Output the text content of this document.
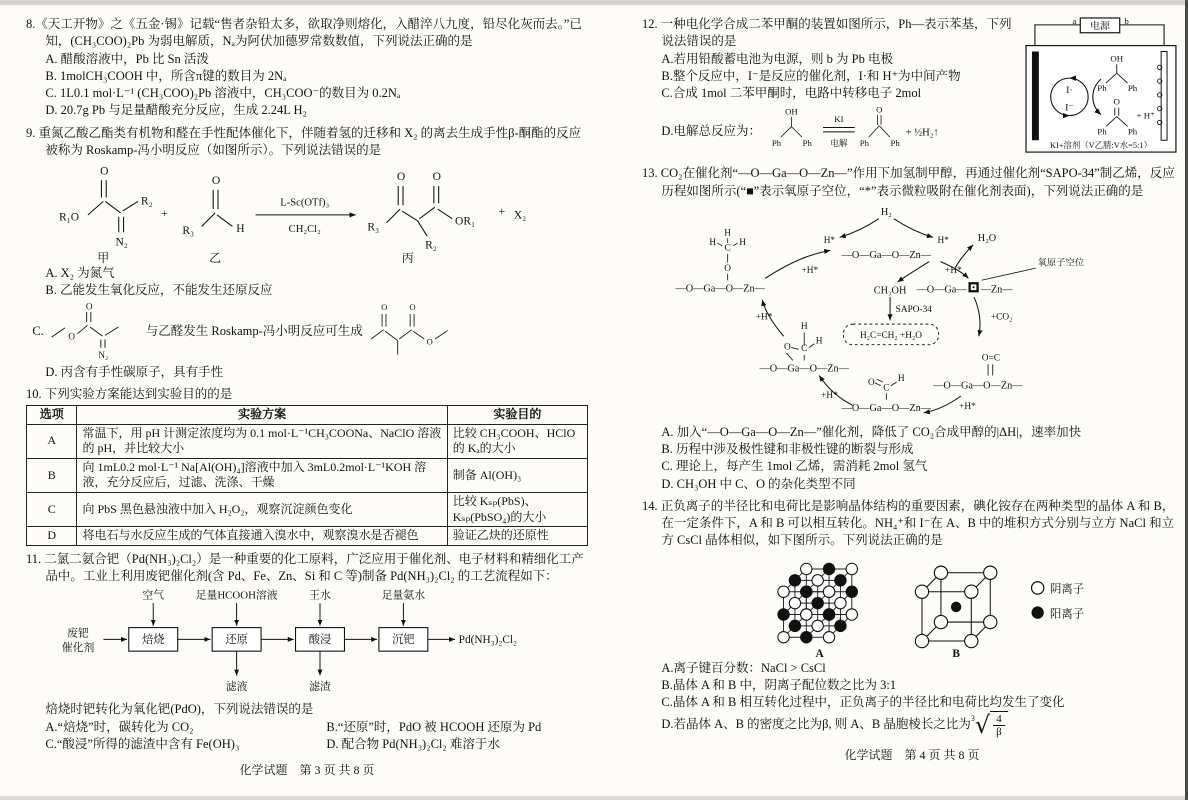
8.《天工开物》之《五金·锡》记载“售者杂铅太多，欲取净则熔化，入醋淬八九度，铅尽化灰而去。”已知，(CH₃COO)₂Pb 为弱电解质，Nₐ为阿伏加德罗常数数值，下列说法正确的是

A. 醋酸溶液中，Pb 比 Sn 活泼

B. 1molCH₃COOH 中，所含π键的数目为 2Nₐ

C. 1L0.1 mol·L⁻¹ (CH₃COO)₂Pb 溶液中，CH₃COO⁻的数目为 0.2Nₐ

D. 20.7g Pb 与足量醋酸充分反应，生成 2.24L H₂

9. 重氮乙酸乙酯类有机物和醛在手性配体催化下，伴随着氢的迁移和 X₂ 的离去生成手性β-酮酯的反应被称为 Roskamp-冯小明反应（如图所示）。下列说法错误的是

R₁O
O
R₂
N₂
甲
+
R₃
O
H
乙
L-Sc(OTf)₃
CH₂Cl₂	R₃
O
R₂
O
OR₁
丙
+ X₂

A. X₂ 为氮气

B. 乙能发生氧化反应，不能发生还原反应

C. O
O
N₂
与乙醛发生 Roskamp-冯小明反应可生成
O O
O

D. 丙含有手性碳原子，具有手性

10. 下列实验方案能达到实验目的的是

选项	实验方案	实验目的
A	常温下，用 pH 计测定浓度均为 0.1 mol·L⁻¹CH₃COONa、NaClO 溶液的 pH，并比较大小	比较 CH₃COOH、HClO 的 Kₐ的大小
B	向 1mL0.2 mol·L⁻¹ Na[Al(OH)₄]溶液中加入 3mL0.2mol·L⁻¹KOH 溶液，充分反应后，过滤、洗涤、干燥	制备 Al(OH)₃
C	向 PbS 黑色悬浊液中加入 H₂O₂，观察沉淀颜色变化	比较 Kₛₚ(PbS)、Kₛₚ(PbSO₄)的大小
D	将电石与水反应生成的气体直接通入溴水中，观察溴水是否褪色	验证乙炔的还原性

11. 二氯二氨合钯（Pd(NH₃)₂Cl₂）是一种重要的化工原料，广泛应用于催化剂、电子材料和精细化工产品中。工业上利用废钯催化剂(含 Pd、Fe、Zn、Si 和 C 等)制备 Pd(NH₃)₂Cl₂ 的工艺流程如下：

废钯
催化剂
焙烧	还原	酸浸	沉钯	Pd(NH₃)₂Cl₂
空气	足量HCOOH溶液	王水	足量氨水
滤液	滤渣

焙烧时钯转化为氧化钯(PdO)，下列说法错误的是

A.“焙烧”时，碳转化为 CO₂	B.“还原”时，PdO 被 HCOOH 还原为 Pd

C.“酸浸”所得的滤渣中含有 Fe(OH)₃	D. 配合物 Pd(NH₃)₂Cl₂ 难溶于水

化学试题　第 3 页 共 8 页
电源
a	b
I·
I⁻
OH
Ph Ph
O
Ph Ph
+ H⁺
KI+溶剂（V乙腈:V水=5:1）

12. 一种电化学合成二苯甲酮的装置如图所示，Ph—表示苯基，下列说法错误的是

A.若用铅酸蓄电池为电源，则 b 为 Pb 电极

B.整个反应中，I⁻是反应的催化剂，I·和 H⁺为中间产物

C.合成 1mol 二苯甲酮时，电路中转移电子 2mol

D.电解总反应为：
OH
Ph Ph
KI
电解
O
Ph Ph
+ ½H₂↑

13. CO₂在催化剂“—O—Ga—O—Zn—”作用下加氢制甲醇，再通过催化剂“SAPO-34”制乙烯，反应历程如图所示(“■”表示氧原子空位，“*”表示微粒吸附在催化剂表面)，下列说法正确的是

H₂
H*	H*
—O—Ga—O—Zn—
+H*
H₂O
氧原子空位
—O—Ga— —Zn—
+CO₂
O=C
—O—Ga—O—Zn—
+H*
O
C
H
—O—Ga—O—Zn—
+H*
H
O C
H
—O—Ga—O—Zn—
+H*
H
H H
C
O
—O—Ga—O—Zn—
+H*
CH₃OH
SAPO-34
H₂C=CH₂ +H₂O

A. 加入“—O—Ga—O—Zn—”催化剂，降低了 CO₂合成甲醇的|ΔH|，速率加快

B. 历程中涉及极性键和非极性键的断裂与形成

C. 理论上，每产生 1mol 乙烯，需消耗 2mol 氢气

D. CH₃OH 中 C、O 的杂化类型不同

14. 正负离子的半径比和电荷比是影响晶体结构的重要因素，碘化铵存在两种类型的晶体 A 和 B，在一定条件下，A 和 B 可以相互转化。NH₄⁺和 I⁻在 A、B 中的堆积方式分别与立方 NaCl 和立方 CsCl 晶体相似，如下图所示。下列说法正确的是

A	B
阴离子
阳离子

A.离子键百分数：NaCl > CsCl

B.晶体 A 和 B 中，阴离子配位数之比为 3:1

C.晶体 A 和 B 相互转化过程中，正负离子的半径比和电荷比均发生了变化

D.若晶体 A、B 的密度之比为β, 则 A、B 晶胞棱长之比为 3 √ $\frac{4}{\beta}$
化学试题　第 4 页 共 8 页
